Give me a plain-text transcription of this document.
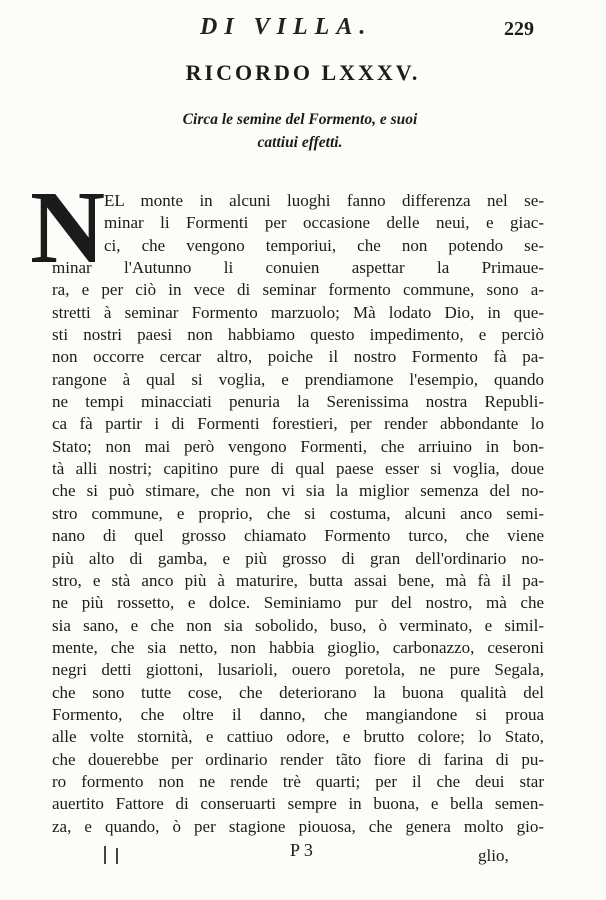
DI VILLA.	229
RICORDO LXXXV.
Circa le semine del Formento, e suoi
cattiui effetti.
N
EL monte in alcuni luoghi fanno differenza nel se-
minar li Formenti per occasione delle neui, e giac-
ci, che vengono temporiui, che non potendo se-
minar l'Autunno li conuien aspettar la Primaue-
ra, e per ciò in vece di seminar formento commune, sono a-
stretti à seminar Formento marzuolo; Mà lodato Dio, in que-
sti nostri paesi non habbiamo questo impedimento, e perciò
non occorre cercar altro, poiche il nostro Formento fà pa-
rangone à qual si voglia, e prendiamone l'esempio, quando
ne tempi minacciati penuria la Serenissima nostra Republi-
ca fà partir i di Formenti forestieri, per render abbondante lo
Stato; non mai però vengono Formenti, che arriuino in bon-
tà alli nostri; capitino pure di qual paese esser si voglia, doue
che si può stimare, che non vi sia la miglior semenza del no-
stro commune, e proprio, che si costuma, alcuni anco semi-
nano di quel grosso chiamato Formento turco, che viene
più alto di gamba, e più grosso di gran dell'ordinario no-
stro, e stà anco più à maturire, butta assai bene, mà fà il pa-
ne più rossetto, e dolce. Seminiamo pur del nostro, mà che
sia sano, e che non sia sobolido, buso, ò verminato, e simil-
mente, che sia netto, non habbia gioglio, carbonazzo, ceseroni
negri detti giottoni, lusarioli, ouero poretola, ne pure Segala,
che sono tutte cose, che deteriorano la buona qualità del
Formento, che oltre il danno, che mangiandone si proua
alle volte stornità, e cattiuo odore, e brutto colore; lo Stato,
che douerebbe per ordinario render tãto fiore di farina di pu-
ro formento non ne rende trè quarti; per il che deui star
auertito Fattore di conseruarti sempre in buona, e bella semen-
za, e quando, ò per stagione piouosa, che genera molto gio-
P 3	glio,
